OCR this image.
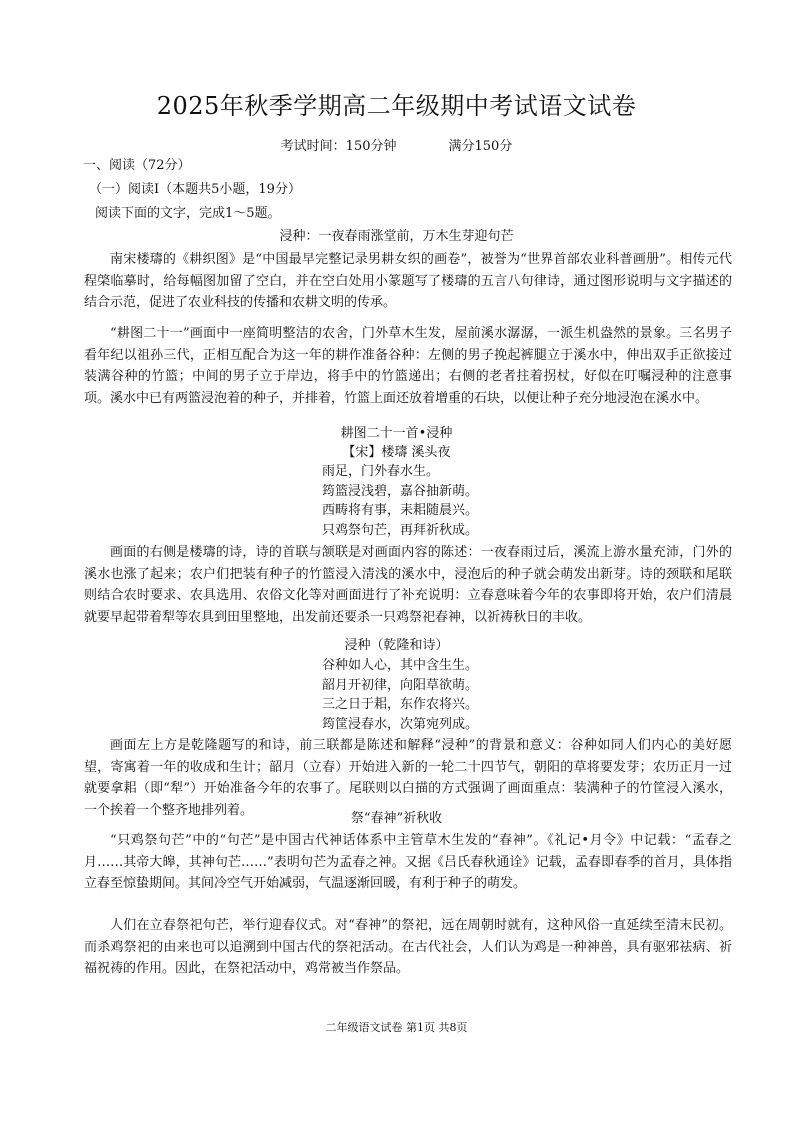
2025年秋季学期高二年级期中考试语文试卷
考试时间：150分钟	满分150分
一、阅读（72分）
（一）阅读Ⅰ（本题共5小题，19分）
阅读下面的文字，完成1～5题。
浸种：一夜春雨涨堂前，万木生芽迎句芒
南宋楼璹的《耕织图》是“中国最早完整记录男耕女织的画卷”，被誉为“世界首部农业科普画册”。相传元代程棨临摹时，给每幅图加留了空白，并在空白处用小篆题写了楼璹的五言八句律诗，通过图形说明与文字描述的结合示范，促进了农业科技的传播和农耕文明的传承。
“耕图二十一”画面中一座简明整洁的农舍，门外草木生发，屋前溪水潺潺，一派生机盎然的景象。三名男子看年纪以祖孙三代，正相互配合为这一年的耕作准备谷种：左侧的男子挽起裤腿立于溪水中，伸出双手正欲接过装满谷种的竹篮；中间的男子立于岸边，将手中的竹篮递出；右侧的老者拄着拐杖，好似在叮嘱浸种的注意事项。溪水中已有两篮浸泡着的种子，并排着，竹篮上面还放着增重的石块，以便让种子充分地浸泡在溪水中。
耕图二十一首•浸种
【宋】楼璹 溪头夜
雨足，门外春水生。
筠篮浸浅碧，嘉谷抽新萌。
西畴将有事，耒耜随晨兴。
只鸡祭句芒，再拜祈秋成。
画面的右侧是楼璹的诗，诗的首联与颔联是对画面内容的陈述：一夜春雨过后，溪流上游水量充沛，门外的溪水也涨了起来；农户们把装有种子的竹篮浸入清浅的溪水中，浸泡后的种子就会萌发出新芽。诗的颈联和尾联则结合农时要求、农具选用、农俗文化等对画面进行了补充说明：立春意味着今年的农事即将开始，农户们清晨就要早起带着犁等农具到田里整地，出发前还要杀一只鸡祭祀春神，以祈祷秋日的丰收。
浸种（乾隆和诗）
谷种如人心，其中含生生。
韶月开初律，向阳草欲萌。
三之日于耜，东作农将兴。
筠筐浸春水，次第宛列成。
画面左上方是乾隆题写的和诗，前三联都是陈述和解释“浸种”的背景和意义：谷种如同人们内心的美好愿望，寄寓着一年的收成和生计；韶月（立春）开始进入新的一轮二十四节气，朝阳的草将要发芽；农历正月一过就要拿耜（即“犁”）开始准备今年的农事了。尾联则以白描的方式强调了画面重点：装满种子的竹筐浸入溪水，一个挨着一个整齐地排列着。
祭“春神”祈秋收
“只鸡祭句芒”中的“句芒”是中国古代神话体系中主管草木生发的“春神”。《礼记•月令》中记载：“孟春之月……其帝大皞，其神句芒……”表明句芒为孟春之神。又据《吕氏春秋通诠》记载，孟春即春季的首月，具体指立春至惊蛰期间。其间冷空气开始减弱，气温逐渐回暖，有利于种子的萌发。
人们在立春祭祀句芒，举行迎春仪式。对“春神”的祭祀，远在周朝时就有，这种风俗一直延续至清末民初。而杀鸡祭祀的由来也可以追溯到中国古代的祭祀活动。在古代社会，人们认为鸡是一种神兽，具有驱邪祛病、祈福祝祷的作用。因此，在祭祀活动中，鸡常被当作祭品。
二年级语文试卷 第1页 共8页
